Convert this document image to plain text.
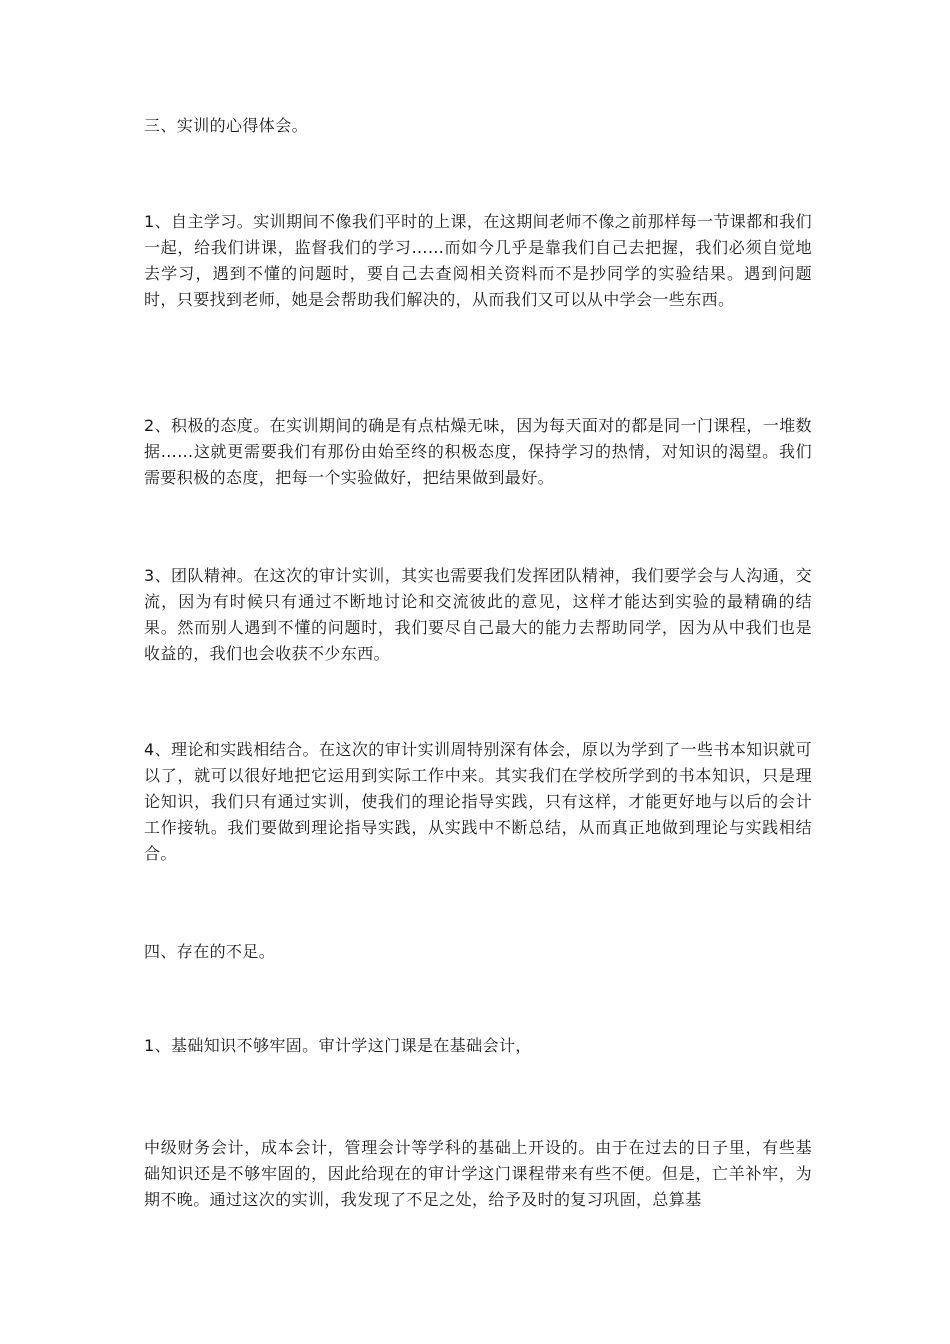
三、实训的心得体会。

1、自主学习。实训期间不像我们平时的上课，在这期间老师不像之前那样每一节课都和我们一起，给我们讲课，监督我们的学习……而如今几乎是靠我们自己去把握，我们必须自觉地去学习，遇到不懂的问题时，要自己去查阅相关资料而不是抄同学的实验结果。遇到问题时，只要找到老师，她是会帮助我们解决的，从而我们又可以从中学会一些东西。

2、积极的态度。在实训期间的确是有点枯燥无味，因为每天面对的都是同一门课程，一堆数据……这就更需要我们有那份由始至终的积极态度，保持学习的热情，对知识的渴望。我们需要积极的态度，把每一个实验做好，把结果做到最好。

3、团队精神。在这次的审计实训，其实也需要我们发挥团队精神，我们要学会与人沟通，交流，因为有时候只有通过不断地讨论和交流彼此的意见，这样才能达到实验的最精确的结果。然而别人遇到不懂的问题时，我们要尽自己最大的能力去帮助同学，因为从中我们也是收益的，我们也会收获不少东西。

4、理论和实践相结合。在这次的审计实训周特别深有体会，原以为学到了一些书本知识就可以了，就可以很好地把它运用到实际工作中来。其实我们在学校所学到的书本知识，只是理论知识，我们只有通过实训，使我们的理论指导实践，只有这样，才能更好地与以后的会计工作接轨。我们要做到理论指导实践，从实践中不断总结，从而真正地做到理论与实践相结合。

四、存在的不足。

1、基础知识不够牢固。审计学这门课是在基础会计，

中级财务会计，成本会计，管理会计等学科的基础上开设的。由于在过去的日子里，有些基础知识还是不够牢固的，因此给现在的审计学这门课程带来有些不便。但是，亡羊补牢，为期不晚。通过这次的实训，我发现了不足之处，给予及时的复习巩固，总算基
